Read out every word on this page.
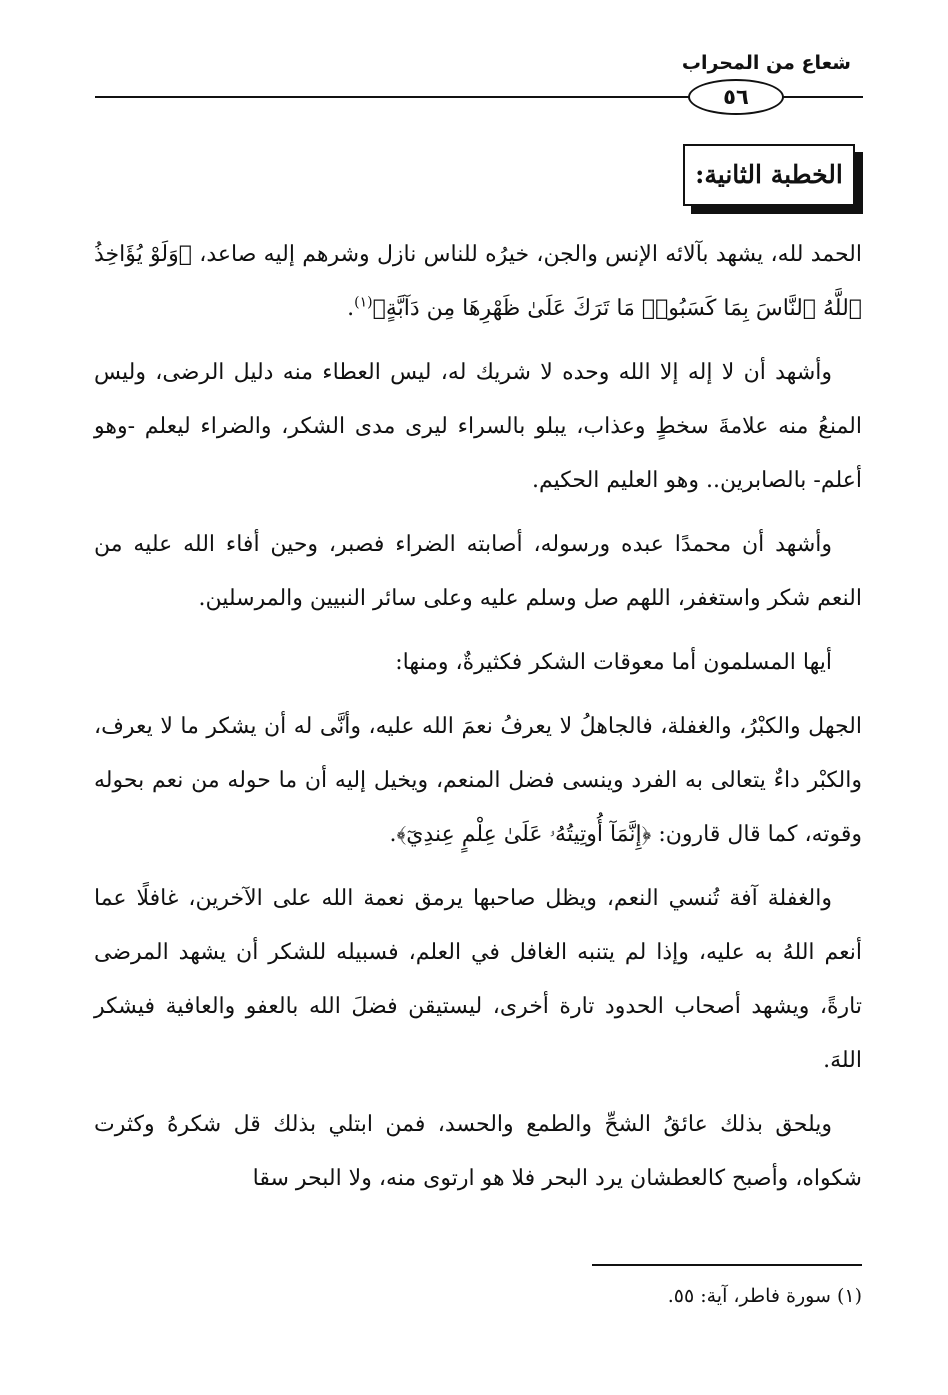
شعاع من المحراب
٥٦
الخطبة الثانية:

الحمد لله، يشهد بآلائه الإنس والجن، خيرُه للناس نازل وشرهم إليه صاعد، ﴿وَلَوْ يُؤَاخِذُ ٱللَّهُ ٱلنَّاسَ بِمَا كَسَبُوا۟ مَا تَرَكَ عَلَىٰ ظَهْرِهَا مِن دَآبَّةٍ﴾$^{(١)}$.

وأشهد أن لا إله إلا الله وحده لا شريك له، ليس العطاء منه دليل الرضى، وليس المنعُ منه علامةَ سخطٍ وعذاب، يبلو بالسراء ليرى مدى الشكر، والضراء ليعلم -وهو أعلم- بالصابرين.. وهو العليم الحكيم.

وأشهد أن محمدًا عبده ورسوله، أصابته الضراء فصبر، وحين أفاء الله عليه من النعم شكر واستغفر، اللهم صل وسلم عليه وعلى سائر النبيين والمرسلين.

أيها المسلمون أما معوقات الشكر فكثيرةٌ، ومنها:

الجهل والكبْرُ، والغفلة، فالجاهلُ لا يعرفُ نعمَ الله عليه، وأنَّى له أن يشكر ما لا يعرف، والكبْر داءٌ يتعالى به الفرد وينسى فضل المنعم، ويخيل إليه أن ما حوله من نعم بحوله وقوته، كما قال قارون: ﴿إِنَّمَآ أُوتِيتُهُۥ عَلَىٰ عِلْمٍ عِندِيٓ﴾.

والغفلة آفة تُنسي النعم، ويظل صاحبها يرمق نعمة الله على الآخرين، غافلًا عما أنعم اللهُ به عليه، وإذا لم يتنبه الغافل في العلم، فسبيله للشكر أن يشهد المرضى تارةً، ويشهد أصحاب الحدود تارة أخرى، ليستيقن فضلَ الله بالعفو والعافية فيشكر اللهَ.

ويلحق بذلك عائقُ الشحِّ والطمع والحسد، فمن ابتلي بذلك قل شكرهُ وكثرت شكواه، وأصبح كالعطشان يرد البحر فلا هو ارتوى منه، ولا البحر سقا

(١) سورة فاطر، آية: ٥٥.
